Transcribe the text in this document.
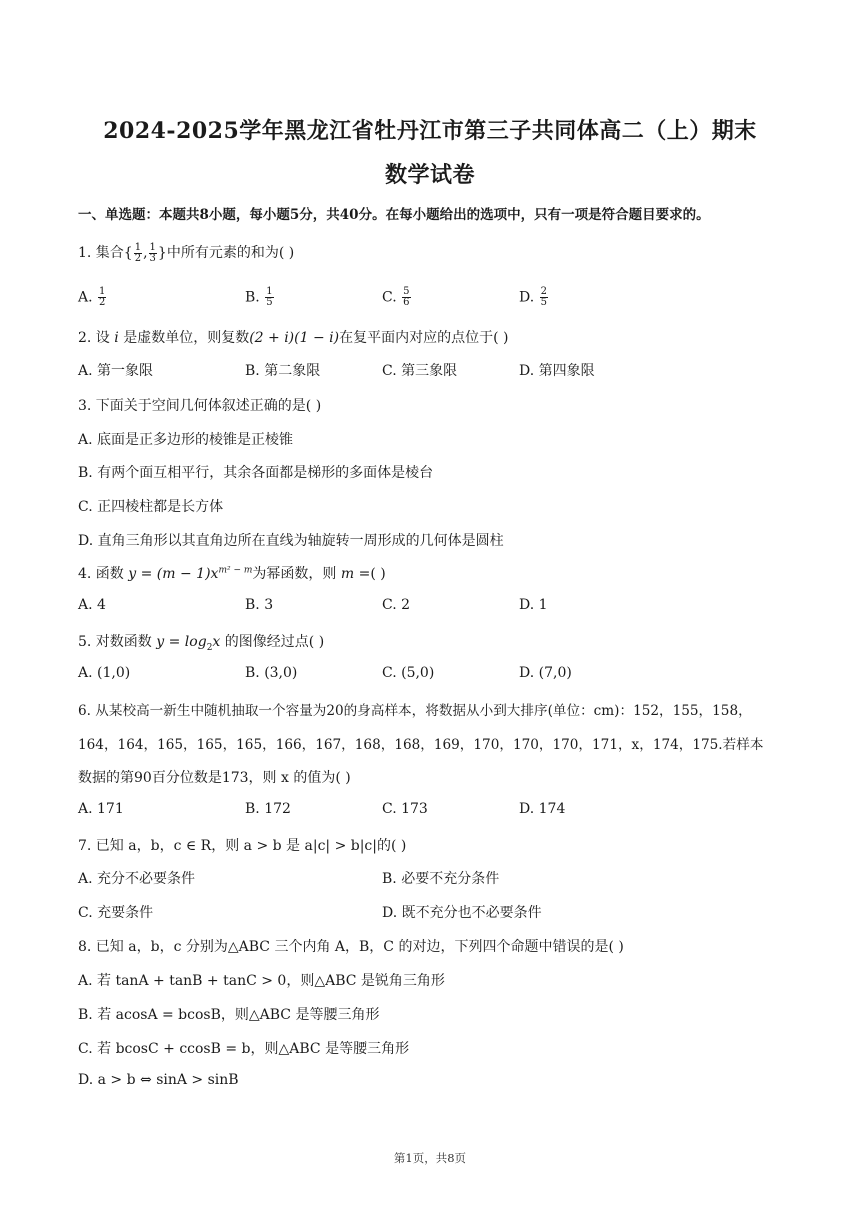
2024-2025学年黑龙江省牡丹江市第三子共同体高二（上）期末
数学试卷
一、单选题：本题共8小题，每小题5分，共40分。在每小题给出的选项中，只有一项是符合题目要求的。
1. 集合{ $\frac{1}{2}$ , $\frac{1}{3}$ }中所有元素的和为( )
A. $\frac{1}{2}$	B. $\frac{1}{5}$	C. $\frac{5}{6}$	D. $\frac{2}{5}$
2. 设 i 是虚数单位，则复数(2 + i)(1 − i)在复平面内对应的点位于( )
A. 第一象限	B. 第二象限	C. 第三象限	D. 第四象限
3. 下面关于空间几何体叙述正确的是( )
A. 底面是正多边形的棱锥是正棱锥
B. 有两个面互相平行，其余各面都是梯形的多面体是棱台
C. 正四棱柱都是长方体
D. 直角三角形以其直角边所在直线为轴旋转一周形成的几何体是圆柱
4. 函数 $y = (m - 1)x^{m^2 - m}$为幂函数，则 m =( )
A. 4	B. 3	C. 2	D. 1
5. 对数函数 $y = \log_2x$ 的图像经过点( )
A. (1,0)	B. (3,0)	C. (5,0)	D. (7,0)
6. 从某校高一新生中随机抽取一个容量为20的身高样本，将数据从小到大排序(单位：cm)：152，155，158，
164，164，165，165，165，166，167，168，168，169，170，170，170，171，x，174，175.若样本
数据的第90百分位数是173，则 x 的值为( )
A. 171	B. 172	C. 173	D. 174
7. 已知 a，b，c ∈ R，则 a > b 是 a|c| > b|c|的( )
A. 充分不必要条件	B. 必要不充分条件
C. 充要条件	D. 既不充分也不必要条件
8. 已知 a，b，c 分别为△ABC 三个内角 A，B，C 的对边，下列四个命题中错误的是( )
A. 若 tanA + tanB + tanC > 0，则△ABC 是锐角三角形
B. 若 acosA = bcosB，则△ABC 是等腰三角形
C. 若 bcosC + ccosB = b，则△ABC 是等腰三角形
D. a > b ⇔ sinA > sinB
第1页，共8页
